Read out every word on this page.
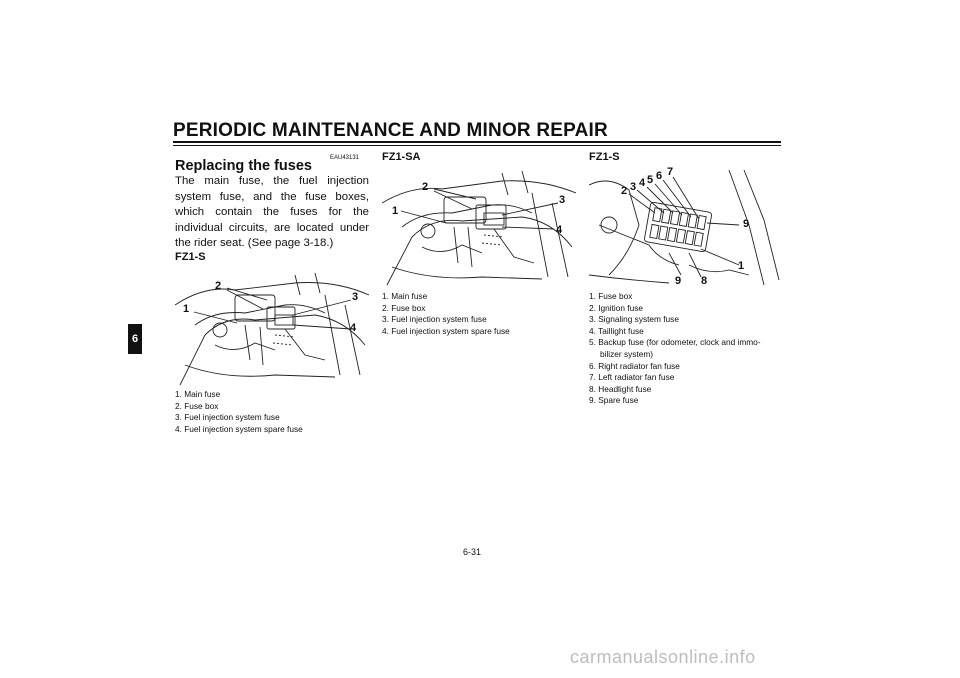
PERIODIC MAINTENANCE AND MINOR REPAIR
6
EAU43131
Replacing the fuses
The main fuse, the fuel injection system fuse, and the fuse boxes, which contain the fuses for the individual circuits, are located under the rider seat. (See page 3-18.)
FZ1-S
1
2
3
4
1. Main fuse
2. Fuse box
3. Fuel injection system fuse
4. Fuel injection system spare fuse
FZ1-SA
1
2
3
4
1. Main fuse
2. Fuse box
3. Fuel injection system fuse
4. Fuel injection system spare fuse
FZ1-S
2 3 4 5 6 7
9
1
9 8
1. Fuse box
2. Ignition fuse
3. Signaling system fuse
4. Taillight fuse
5. Backup fuse (for odometer, clock and immo-
bilizer system)
6. Right radiator fan fuse
7. Left radiator fan fuse
8. Headlight fuse
9. Spare fuse
6-31
carmanualsonline.info
